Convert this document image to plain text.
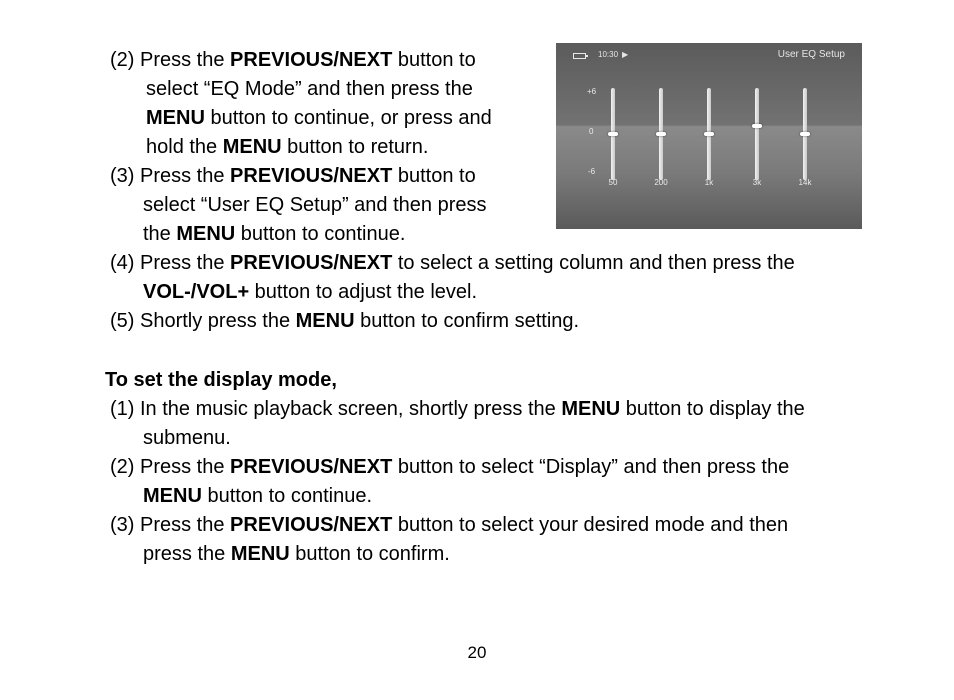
(2) Press the PREVIOUS/NEXT button to
select “EQ Mode” and then press the
MENU button to continue, or press and
hold the MENU button to return.
(3) Press the PREVIOUS/NEXT button to
select “User EQ Setup” and then press
the MENU button to continue.
(4) Press the PREVIOUS/NEXT to select a setting column and then press the
VOL-/VOL+ button to adjust the level.
(5) Shortly press the MENU button to confirm setting.
To set the display mode,
(1) In the music playback screen, shortly press the MENU button to display the
submenu.
(2) Press the PREVIOUS/NEXT button to select “Display” and then press the
MENU button to continue.
(3) Press the PREVIOUS/NEXT button to select your desired mode and then
press the MENU button to confirm.
10:30 ▶	User EQ Setup
+6
0
-6
50	200	1k	3k	14k
20
